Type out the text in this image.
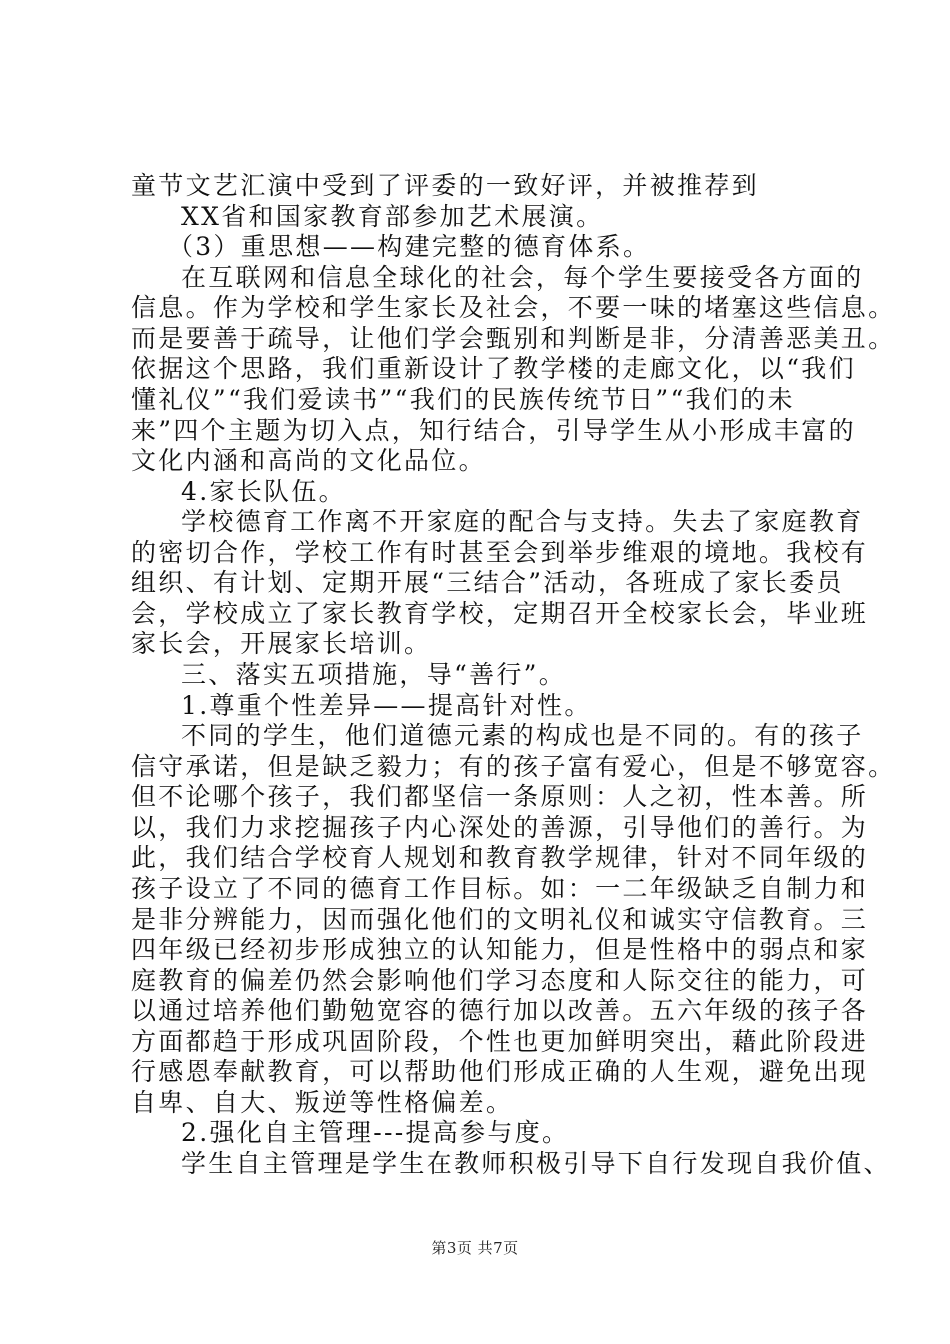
童节文艺汇演中受到了评委的一致好评，并被推荐到
XX省和国家教育部参加艺术展演。
（3）重思想——构建完整的德育体系。
在互联网和信息全球化的社会，每个学生要接受各方面的
信息。作为学校和学生家长及社会，不要一味的堵塞这些信息。
而是要善于疏导，让他们学会甄别和判断是非，分清善恶美丑。
依据这个思路，我们重新设计了教学楼的走廊文化，以“我们
懂礼仪”“我们爱读书”“我们的民族传统节日”“我们的未
来”四个主题为切入点，知行结合，引导学生从小形成丰富的
文化内涵和高尚的文化品位。
4.家长队伍。
学校德育工作离不开家庭的配合与支持。失去了家庭教育
的密切合作，学校工作有时甚至会到举步维艰的境地。我校有
组织、有计划、定期开展“三结合”活动，各班成了家长委员
会，学校成立了家长教育学校，定期召开全校家长会，毕业班
家长会，开展家长培训。
三、落实五项措施，导“善行”。
1.尊重个性差异——提高针对性。
不同的学生，他们道德元素的构成也是不同的。有的孩子
信守承诺，但是缺乏毅力；有的孩子富有爱心，但是不够宽容。
但不论哪个孩子，我们都坚信一条原则：人之初，性本善。所
以，我们力求挖掘孩子内心深处的善源，引导他们的善行。为
此，我们结合学校育人规划和教育教学规律，针对不同年级的
孩子设立了不同的德育工作目标。如：一二年级缺乏自制力和
是非分辨能力，因而强化他们的文明礼仪和诚实守信教育。三
四年级已经初步形成独立的认知能力，但是性格中的弱点和家
庭教育的偏差仍然会影响他们学习态度和人际交往的能力，可
以通过培养他们勤勉宽容的德行加以改善。五六年级的孩子各
方面都趋于形成巩固阶段，个性也更加鲜明突出，藉此阶段进
行感恩奉献教育，可以帮助他们形成正确的人生观，避免出现
自卑、自大、叛逆等性格偏差。
2.强化自主管理---提高参与度。
学生自主管理是学生在教师积极引导下自行发现自我价值、
第3页 共7页
